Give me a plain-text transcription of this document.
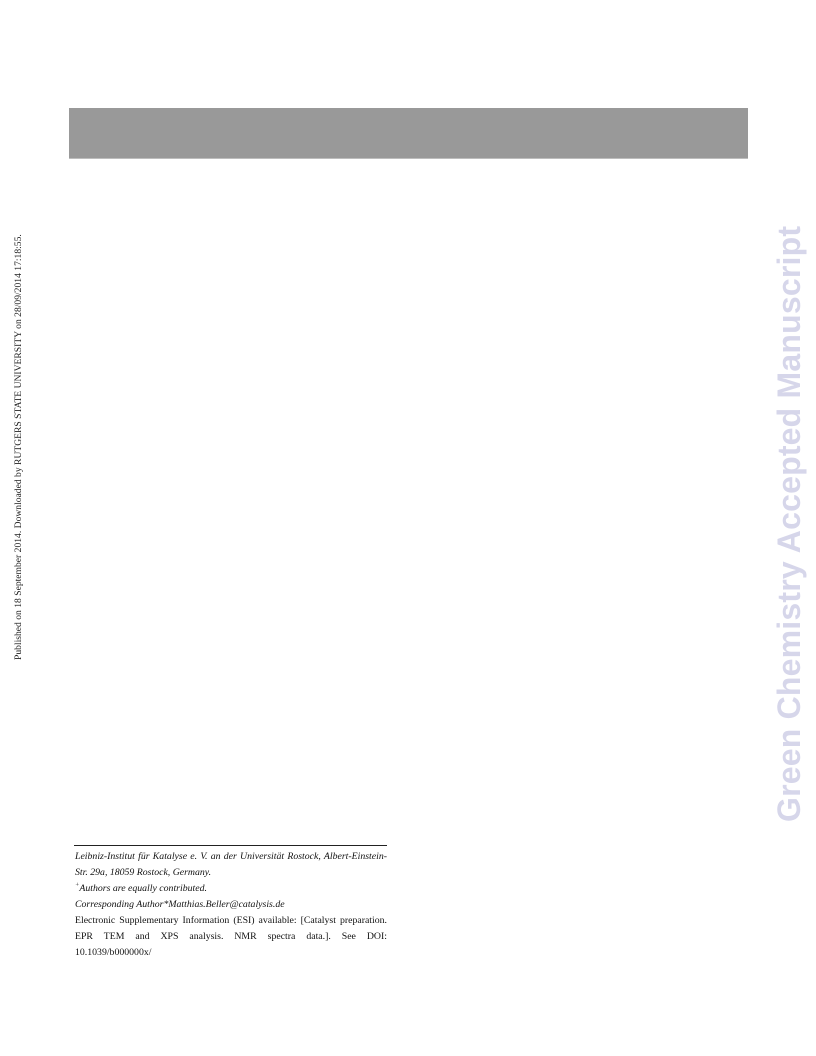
Published on 18 September 2014. Downloaded by RUTGERS STATE UNIVERSITY on 28/09/2014 17:18:55.	Green Chemistry Accepted Manuscript

Leibniz-Institut für Katalyse e. V. an der Universität Rostock, Albert-Einstein-Str. 29a, 18059 Rostock, Germany.

+Authors are equally contributed.

Corresponding Author*Matthias.Beller@catalysis.de

Electronic Supplementary Information (ESI) available: [Catalyst preparation. EPR TEM and XPS analysis. NMR spectra data.]. See DOI: 10.1039/b000000x/
